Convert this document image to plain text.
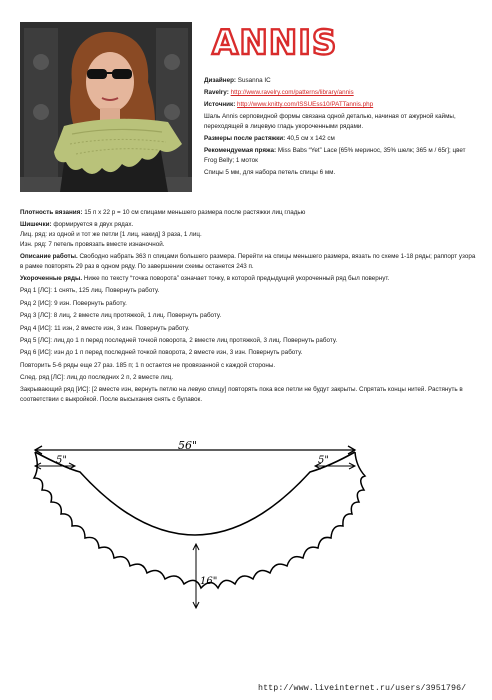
ANNIS
Дизайнер: Susanna IC
Ravelry: http://www.ravelry.com/patterns/library/annis
Источник: http://www.knitty.com/ISSUEss10/PATTannis.php
Шаль Annis серповидной формы связана одной деталью, начиная от ажурной каймы, переходящей в лицевую гладь укороченными рядами.
Размеры после растяжки: 40,5 см x 142 см
Рекомендуемая пряжа: Miss Babs “Yet” Lace [65% меринос, 35% шелк; 365 м / 65г]; цвет Frog Belly; 1 моток
Спицы 5 мм, для набора петель спицы 6 мм.
Плотность вязания: 15 п x 22 р = 10 см спицами меньшего размера после растяжки лиц гладью
Шишечки: формируется в двух рядах.
Лиц. ряд: из одной и тот же петли [1 лиц, накид] 3 раза, 1 лиц.
Изн. ряд: 7 петель провязать вместе изнаночной.
Описание работы. Свободно набрать 363 п спицами большего размера. Перейти на спицы меньшего размера, вязать по схеме 1-18 ряды; раппорт узора в рамке повторять 29 раз в одном ряду. По завершении схемы останется 243 п.
Укороченные ряды. Ниже по тексту “точка поворота” означает точку, в которой предыдущий укороченный ряд был повернут.
Ряд 1 [ЛС]: 1 снять, 125 лиц. Повернуть работу.
Ряд 2 [ИС]: 9 изн. Повернуть работу.
Ряд 3 [ЛС]: 8 лиц, 2 вместе лиц протяжкой, 1 лиц. Повернуть работу.
Ряд 4 [ИС]: 11 изн, 2 вместе изн, 3 изн. Повернуть работу.
Ряд 5 [ЛС]: лиц до 1 п перед последней точкой поворота, 2 вместе лиц протяжкой, 3 лиц. Повернуть работу.
Ряд 6 [ИС]: изн до 1 п перед последней точкой поворота, 2 вместе изн, 3 изн. Повернуть работу.
Повторить 5-6 ряды еще 27 раз. 185 п; 1 п остается не провязанной с каждой стороны.
След. ряд [ЛС]: лиц до последних 2 п, 2 вместе лиц.
Закрывающий ряд [ИС]: [2 вместе изн, вернуть петлю на левую спицу] повторять пока все петли не будут закрыты. Спрятать концы нитей. Растянуть в соответствии с выкройкой. После высыхания снять с булавок.
56"
5"	5"
16"
http://www.liveinternet.ru/users/3951796/
